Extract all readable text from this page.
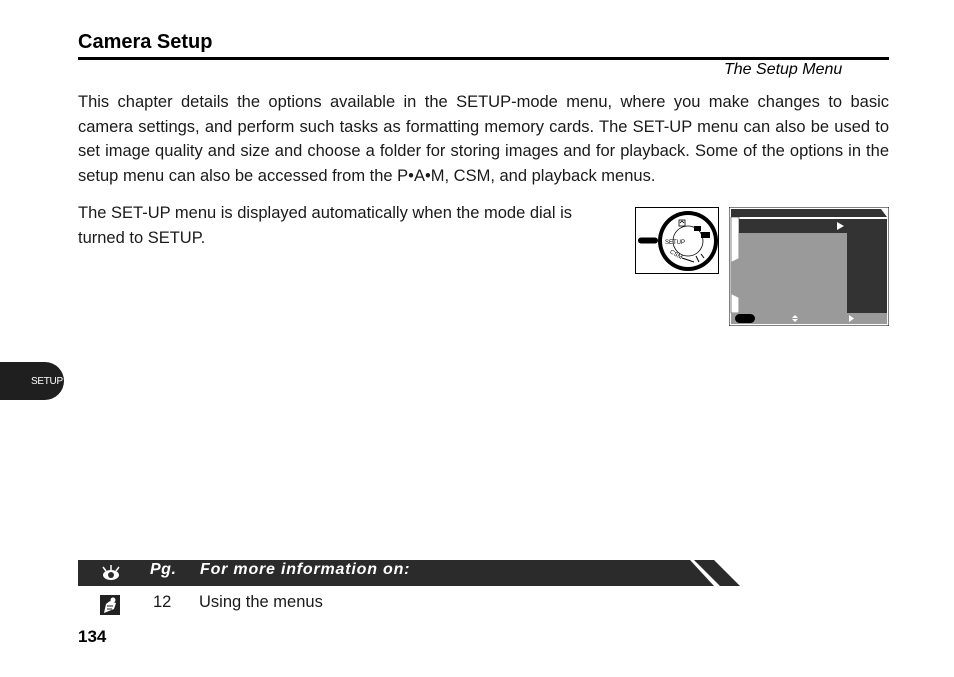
Camera Setup
The Setup Menu

This chapter details the options available in the SETUP-mode menu, where you make changes to basic camera settings, and perform such tasks as formatting memory cards. The SET-UP menu can also be used to set image quality and size and choose a folder for storing images and for playback. Some of the options in the setup menu can also be accessed from the P•A•M, CSM, and playback menus.

The SET-UP menu is displayed automatically when the mode dial is turned to SETUP.	SETUP
CSM
SETUP
Pg. For more information on:
12 Using the menus
134
